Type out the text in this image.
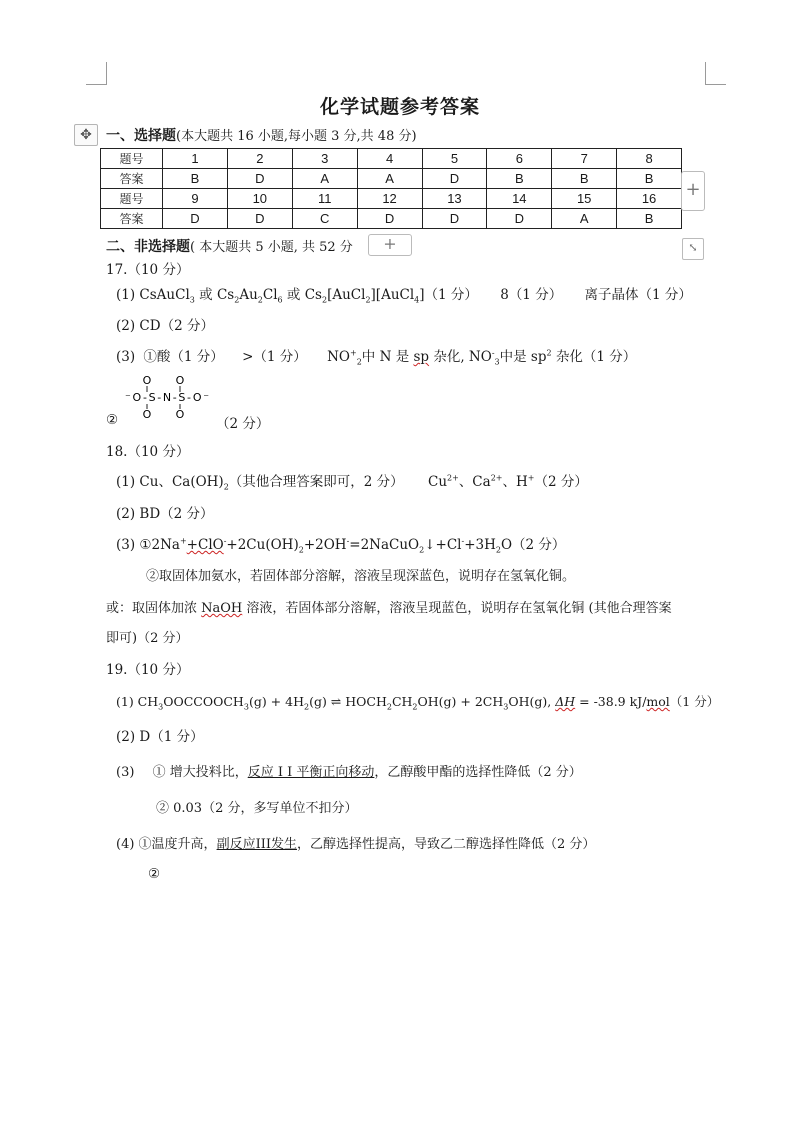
化学试题参考答案
✥	一、选择题(本大题共 16 小题,每小题 3 分,共 48 分)
题号	1	2	3	4	5	6	7	8
答案	B	D	A	A	D	B	B	B
题号	9	10	11	12	13	14	15	16
答案	D	D	C	D	D	D	A	B
+
⤡
二、非选择题( 本大题共 5 小题, 共 52 分	+
17.（10 分）
(1) CsAuCl$_3$ 或 $Cs_2Au_2Cl_6$ 或 $Cs_2[AuCl_2][AuCl_4](1$ 分） 8（1 分） 离子晶体（1 分）
(2) CD（2 分）
(3) ①酸（1 分） >（1 分） $NO^+_2$中 N 是 sp 杂化, $NO^-_3$中是 $sp^2$ 杂化（1 分）
O O
⁻O-S-N-S-O⁻
O O
②	（2 分）
18.（10 分）
(1) Cu、$Ca(OH)_2$（其他合理答案即可，2 分） $Cu^{2+}$、$Ca^{2+}$、H+（2 分）
(2) BD（2 分）
(3) $①2Na^++ClO^-+2Cu(OH)_2+2OH^-=2NaCuO_2↓+Cl^-+3H_2O(2$ 分）
②取固体加氨水，若固体部分溶解，溶液呈现深蓝色，说明存在氢氧化铜。
或：取固体加浓 NaOH 溶液，若固体部分溶解，溶液呈现蓝色，说明存在氢氧化铜 (其他合理答案
即可)（2 分）
19.（10 分）
(1) $CH_3OOCCOOCH_3(g) + 4H_2(g)$ ⇌ $HOCH_2CH_2OH(g) + 2CH_3OH(g)$, ΔH = -38.9 kJ/mol（1 分）
(2) D（1 分）
(3) ① 增大投料比，反应 I I 平衡正向移动，乙醇酸甲酯的选择性降低（2 分）
② 0.03（2 分，多写单位不扣分）
(4) ①温度升高，副反应III发生，乙醇选择性提高，导致乙二醇选择性降低（2 分）
②
